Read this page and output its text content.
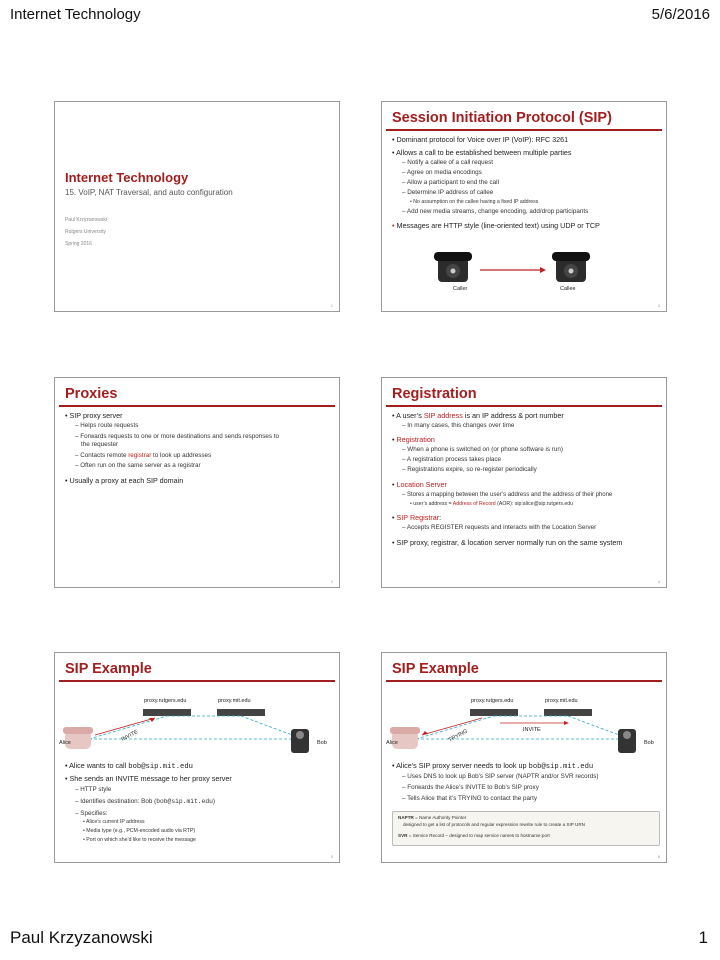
Internet Technology	5/6/2016
Paul Krzyzanowski	1
Internet Technology
15. VoIP, NAT Traversal, and auto configuration
Paul Krzyzanowski
Rutgers University
Spring 2016
1
Session Initiation Protocol (SIP)
• Dominant protocol for Voice over IP (VoIP): RFC 3261
• Allows a call to be established between multiple parties
– Notify a callee of a call request
– Agree on media encodings
– Allow a participant to end the call
– Determine IP address of callee
• No assumption on the callee having a fixed IP address
– Add new media streams, change encoding, add/drop participants
• Messages are HTTP style (line-oriented text) using UDP or TCP
Caller	Callee
2
Proxies
• SIP proxy server
– Helps route requests
– Forwards requests to one or more destinations and sends responses to
the requester
– Contacts remote registrar to look up addresses
– Often run on the same server as a registrar
• Usually a proxy at each SIP domain
3
Registration
• A user’s SIP address is an IP address & port number
– In many cases, this changes over time
• Registration
– When a phone is switched on (or phone software is run)
– A registration process takes place
– Registrations expire, so re-register periodically
• Location Server
– Stores a mapping between the user’s address and the address of their phone
• user’s address = Address of Record (AOR): sip:alice@sip.rutgers.edu
• SIP Registrar:
– Accepts REGISTER requests and interacts with the Location Server
• SIP proxy, registrar, & location server normally run on the same system
4
SIP Example
proxy.rutgers.edu	proxy.mit.edu
INVITE
Alice	Bob
• Alice wants to call bob@sip.mit.edu
• She sends an INVITE message to her proxy server
– HTTP style
– Identifies destination: Bob (bob@sip.mit.edu)
– Specifies:
• Alice’s current IP address
• Media type (e.g., PCM-encoded audio via RTP)
• Port on which she’d like to receive the message
5
SIP Example
proxy.rutgers.edu	proxy.mit.edu
TRYING	INVITE
Alice	Bob
• Alice’s SIP proxy server needs to look up bob@sip.mit.edu
– Uses DNS to look up Bob’s SIP server (NAPTR and/or SVR records)
– Forwards the Alice’s INVITE to Bob’s SIP proxy
– Tells Alice that it’s TRYING to contact the party
NAPTR = Name Authority Pointer
designed to get a list of protocols and regular expression rewrite rule to create a SIP URN
SVR = Service Record – designed to map service names to hostname:port
6
